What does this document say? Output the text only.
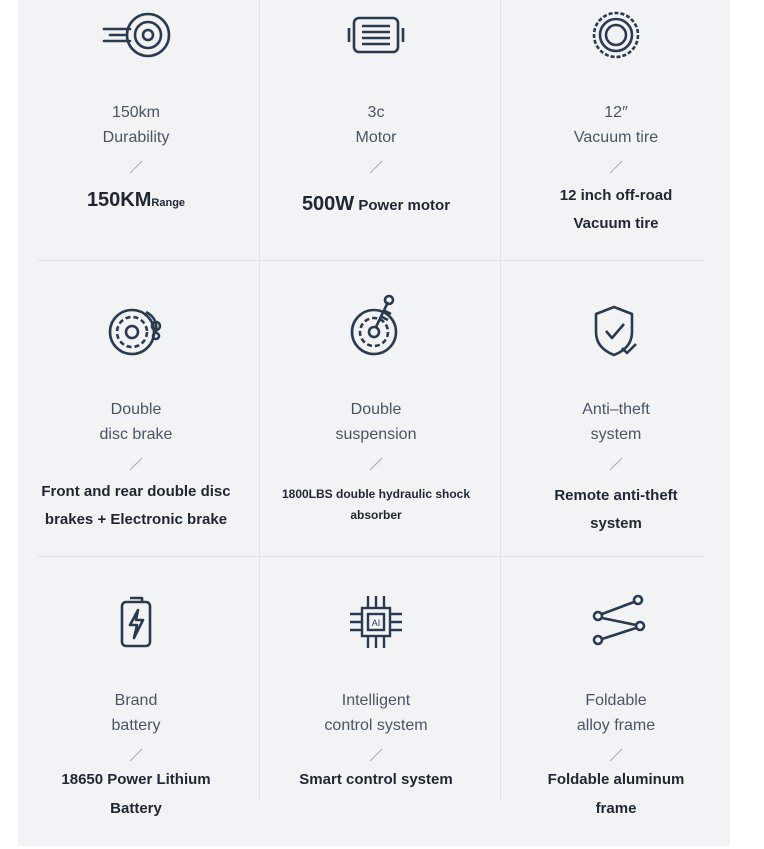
150km
Durability
150KMRange
3c
Motor
500W Power motor
12″
Vacuum tire
12 inch off-road
Vacuum tire
Double
disc brake
Front and rear double disc
brakes + Electronic brake
Double
suspension
1800LBS double hydraulic shock
absorber
Anti–theft
system
Remote anti-theft
system
Brand
battery
18650 Power Lithium
Battery
AI
Intelligent
control system
Smart control system
Foldable
alloy frame
Foldable aluminum
frame
